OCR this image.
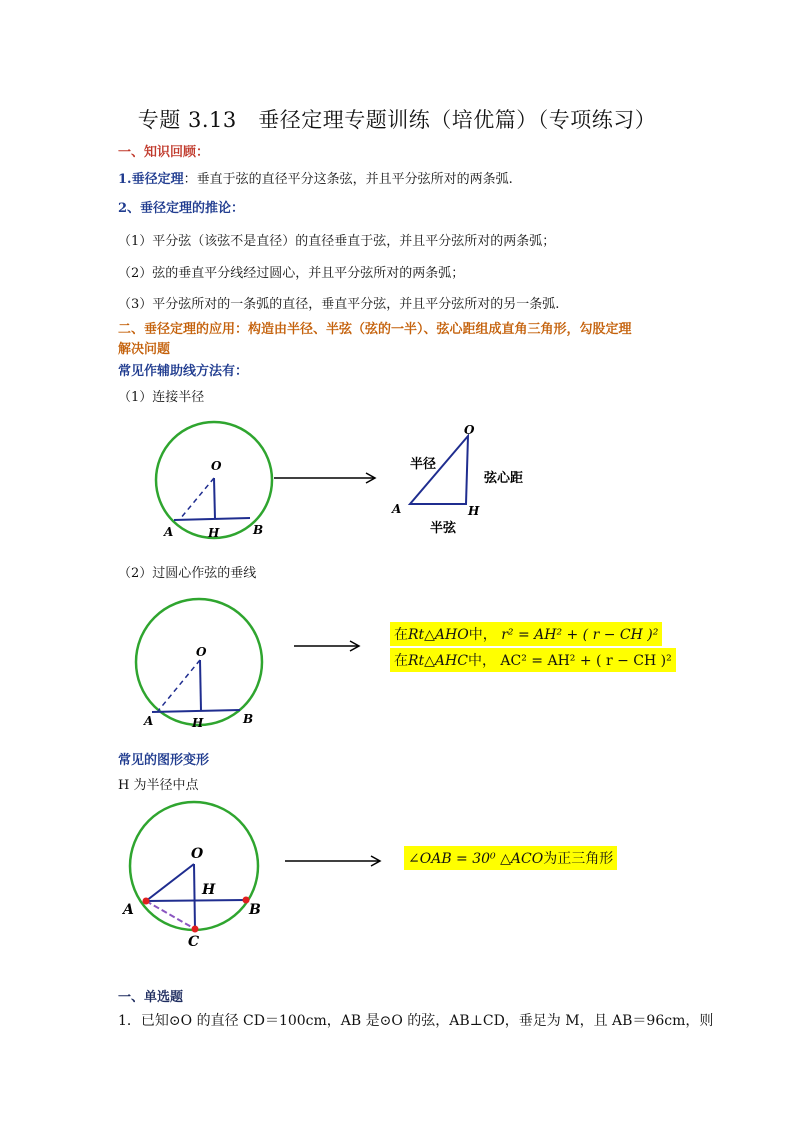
专题 3.13　垂径定理专题训练（培优篇）（专项练习）
一、知识回顾：
1.垂径定理：垂直于弦的直径平分这条弦，并且平分弦所对的两条弧.
2、垂径定理的推论：
（1）平分弦（该弦不是直径）的直径垂直于弦，并且平分弦所对的两条弧；
（2）弦的垂直平分线经过圆心，并且平分弦所对的两条弧；
（3）平分弦所对的一条弧的直径，垂直平分弦，并且平分弦所对的另一条弧.
二、垂径定理的应用：构造由半径、半弦（弦的一半）、弦心距组成直角三角形，勾股定理
解决问题
常见作辅助线方法有：
（1）连接半径
O
A	B
H
O
A	H
半径
弦心距
半弦
（2）过圆心作弦的垂线
O
A	B
H
在Rt△AHO中， r² = AH² + ( r − CH )²
在Rt△AHC中， AC² = AH² + ( r − CH )²
常见的图形变形
H 为半径中点
O
H
A	B
C
∠OAB = 30⁰ △ACO为正三角形
一、单选题
1．已知⊙O 的直径 CD＝100cm，AB 是⊙O 的弦，AB⊥CD，垂足为 M，且 AB＝96cm，则
